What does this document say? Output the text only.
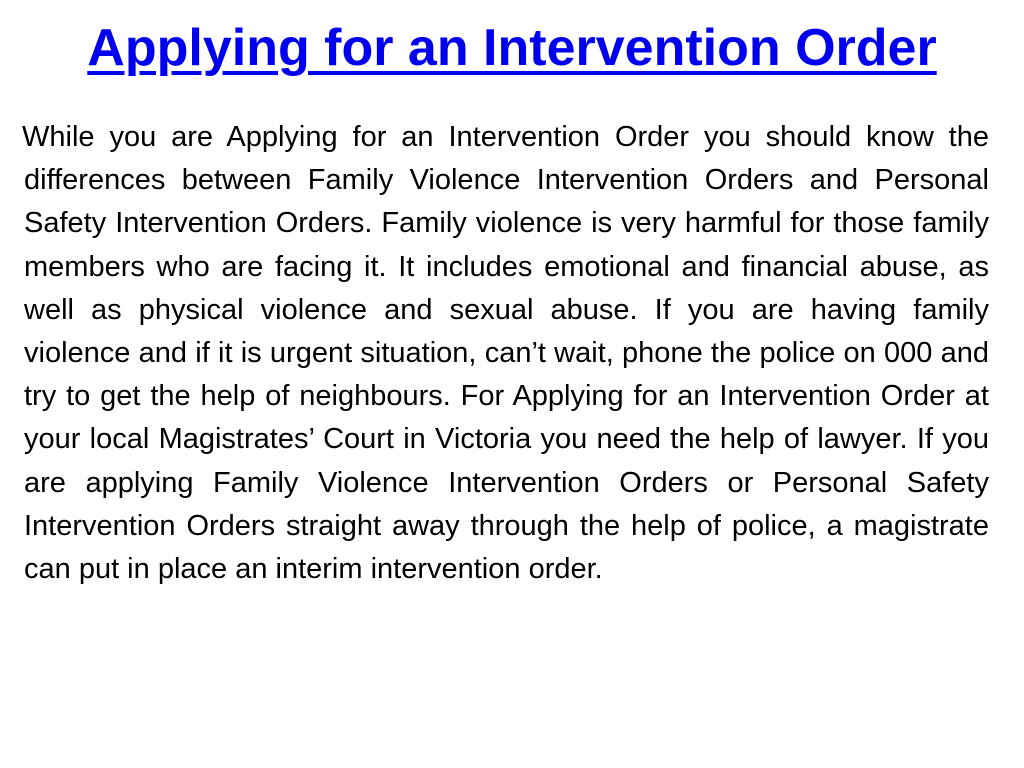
Applying for an Intervention Order

While you are Applying for an Intervention Order you should know the differences between Family Violence Intervention Orders and Personal Safety Intervention Orders. Family violence is very harmful for those family members who are facing it. It includes emotional and financial abuse, as well as physical violence and sexual abuse. If you are having family violence and if it is urgent situation, can’t wait, phone the police on 000 and try to get the help of neighbours. For Applying for an Intervention Order at your local Magistrates’ Court in Victoria you need the help of lawyer. If you are applying Family Violence Intervention Orders or Personal Safety Intervention Orders straight away through the help of police, a magistrate can put in place an interim intervention order.
